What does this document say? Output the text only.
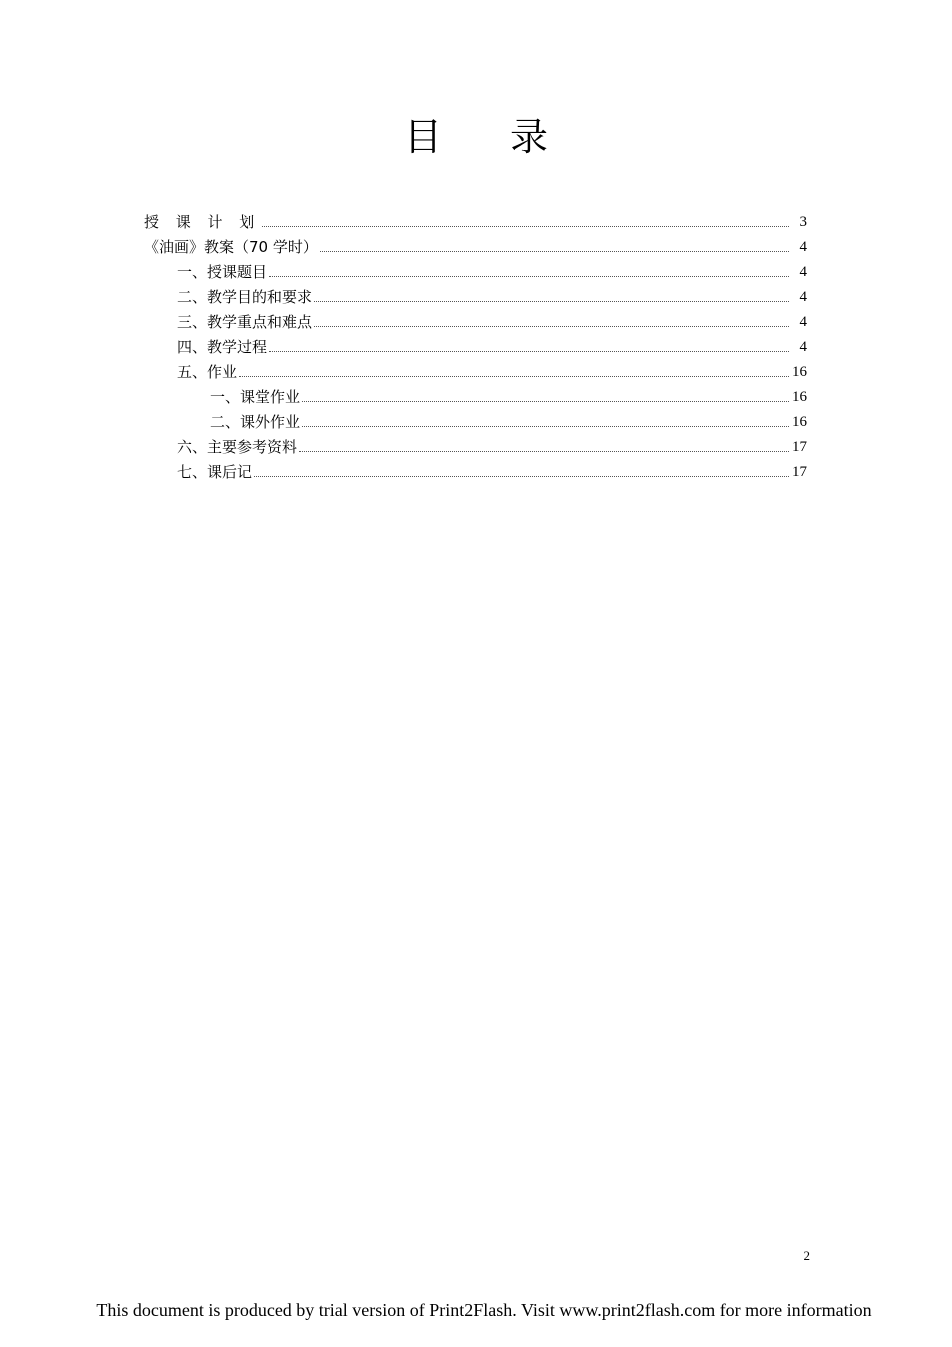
目 录
授 课 计 划	3
《油画》教案（70 学时）	4
一、授课题目	4
二、教学目的和要求	4
三、教学重点和难点	4
四、教学过程	4
五、作业	16
一、课堂作业	16
二、课外作业	16
六、主要参考资料	17
七、课后记	17
2
This document is produced by trial version of Print2Flash. Visit www.print2flash.com for more information
